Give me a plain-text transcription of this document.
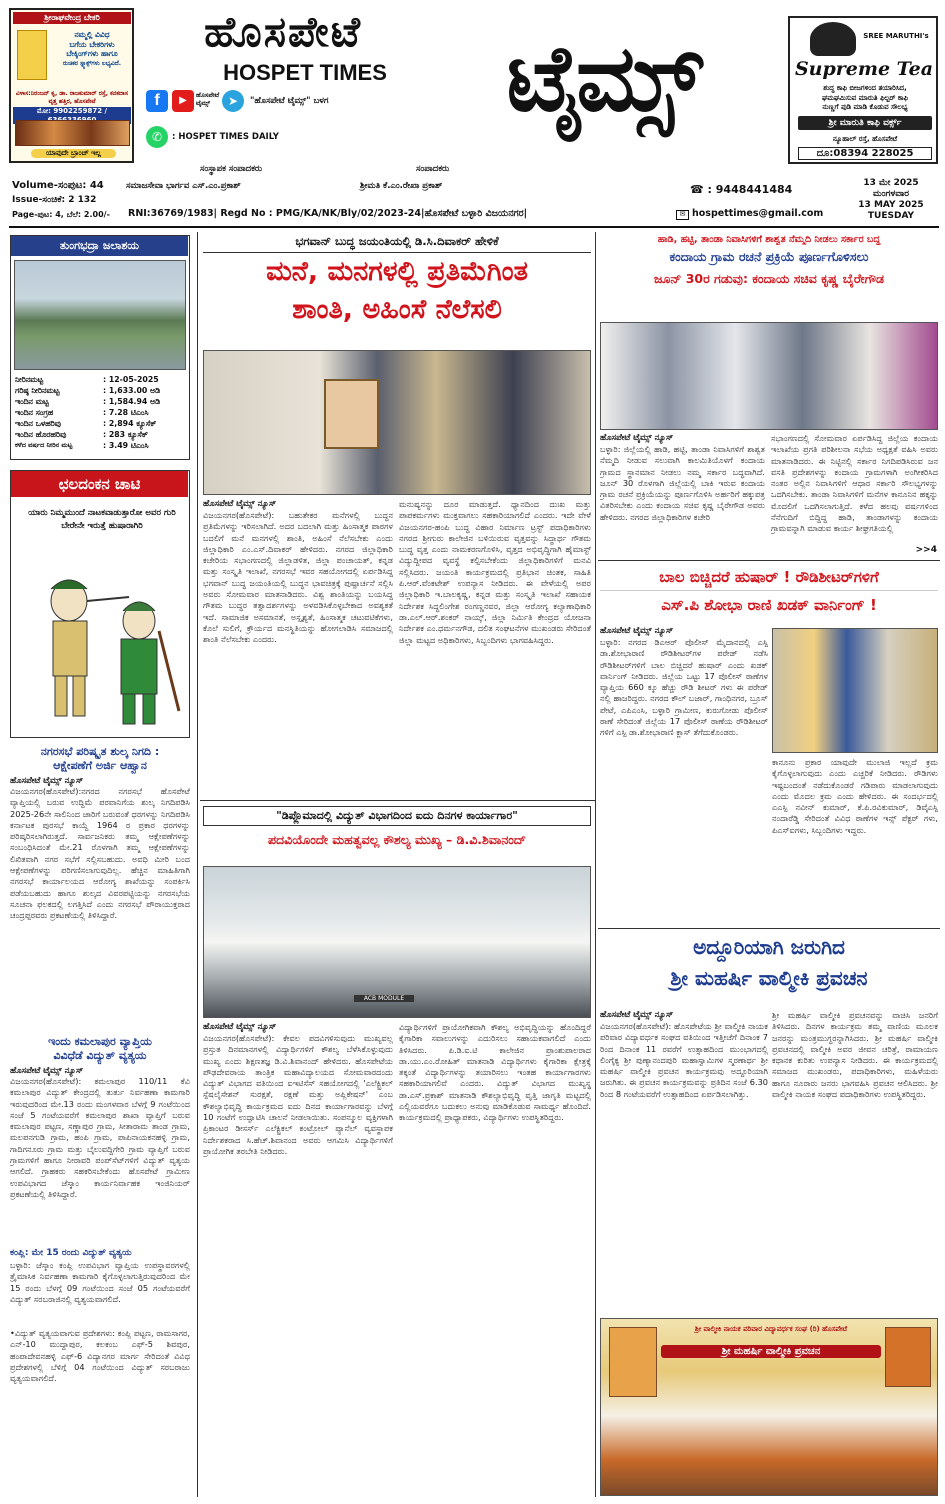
ಶ್ರೀರಾಘವೇಂದ್ರ ಬೇಕರಿ
ನಮ್ಮಲ್ಲಿ ವಿವಿಧ
ಬಗೆಯ ಬೇಕರಿಗಳು
ಬೇಕ್ಕಿಂಗ್‌ಗಳು ಹಾಗೂ
ರುಚಿಕರ ಸ್ನ್ಯಾಕ್ಸ್‌ಗಳು ಲಭ್ಯವಿದೆ.
ವಿಳಾಸ:ನಿರಂಜನ್ ಕೃ, ಡಾ. ರಾಜಕುಮಾರ್ ರಸ್ತೆ, ಕನಕದಾಸ ವೃತ್ತ ಹತ್ತಿರ, ಹೊಸಪೇಟೆ
ಮೋ: 9902259872 /
ಯಾವುದೇ ಬ್ರಾಂಚ್ ಇಲ್ಲ
ಹೊಸಪೇಟೆ
HOSPET TIMES	ಟೈಮ್ಸ್
f	▶	ಹೊಸಪೇಟೆ ಟೈಮ್ಸ್	➤	"ಹೊಸಪೇಟೆ ಟೈಮ್ಸ್" ಬಳಗ
✆	: HOSPET TIMES DAILY
SREE MARUTHI's
Supreme Tea
ಶುದ್ಧ ಕಾಫಿ ಬೀಜಗಳಿಂದ ತಯಾರಿಸಿದ,
ಘಮಘಮಿಸುವ ಮಾರುತಿ ಫಿಲ್ಟರ್ ಕಾಫಿ
ನುಣ್ಣಗೆ ಪುಡಿ ಮಾಡಿ ಕೊಡುವ ಸೌಲಭ್ಯ
ಶ್ರೀ ಮಾರುತಿ ಕಾಫಿ ವರ್ಕ್ಸ್
ನ್ಯೂಹಾಲ್ ರಸ್ತೆ, ಹೊಸಪೇಟೆ
ದೂ:08394 228025
ಸಂಸ್ಥಾಪಕ ಸಂಪಾದಕರು	ಸಂಪಾದಕರು
Volume-ಸಂಪುಟ: 44	ಸಮಾಜಸೇವಾ ಭಾರ್ಗವ ಎಸ್.ಎಂ.ಪ್ರಕಾಶ್	ಶ್ರೀಮತಿ ಕೆ.ಎಂ.ರೇಖಾ ಪ್ರಕಾಶ್	☎ : 9448441484
Issue-ಸಂಚಿಕೆ: 2 132
Page-ಪುಟ: 4, ಬೆಲೆ: 2.00/-	RNI:36769/1983| Regd No : PMG/KA/NK/Bly/02/2023-24|ಹೊಸಪೇಟೆ ಬಳ್ಳಾರಿ ವಿಜಯನಗರ|	✉ hospettimes@gmail.com
13 ಮೇ 2025
ಮಂಗಳವಾರ
13 MAY 2025
TUESDAY
ತುಂಗಭದ್ರಾ ಜಲಾಶಯ
ನೀರಿನಮಟ್ಟ	: 12-05-2025
ಗರಿಷ್ಠ ನೀರಿನಮಟ್ಟ	: 1,633.00 ಅಡಿ
ಇಂದಿನ ಮಟ್ಟ	: 1,584.94 ಅಡಿ
ಇಂದಿನ ಸಂಗ್ರಹ	: 7.28 ಟಿಎಂಸಿ
ಇಂದಿನ ಒಳಹರಿವು	: 2,894 ಕ್ಯೂಸೆಕ್
ಇಂದಿನ ಹೊರಹರಿವು	: 283 ಕ್ಯೂಸೆಕ್
ಕಳೆದ ವರ್ಷದ ನೀರಿನ ಮಟ್ಟ	: 3.49 ಟಿಎಂಸಿ
ಛಲದಂಕನ ಚಾಟಿ
ಯಾರು ನಿಮ್ಮಮುಂದೆ ನಾಟಕವಾಡುತ್ತಾರೋ ಅವರ ಗುರಿ ಬೇರೇನೇ ಇರುತ್ತೆ ಹುಷಾರಾಗಿರಿ
ನಗರಸಭೆ ಪರಿಷ್ಕೃತ ಶುಲ್ಕ ನಿಗದಿ :
ಆಕ್ಷೇಪಣೆಗೆ ಅರ್ಜಿ ಆಹ್ವಾನ
ಹೊಸಪೇಟೆ ಟೈಮ್ಸ್ ನ್ಯೂಸ್
ವಿಜಯನಗರ(ಹೊಸಪೇಟೆ):ನಗರದ ನಗರಸಭೆ ಹೊಸಪೇಟೆ ವ್ಯಾಪ್ತಿಯಲ್ಲಿ ಬರುವ ಉದ್ದಿಮೆ ಪರವಾನಿಗೆಯ ಶುಲ್ಕ ನಿಗದಿಪಡಿಸಿ 2025-26ನೇ ಸಾಲಿನಿಂದ ಜಾರಿಗೆ ಬರುವಂತೆ ಧರಗಳನ್ನು ನಿಗದಿಪಡಿಸಿ ಕರ್ನಾಟಕ ಪುರಸಭೆ ಕಾಯ್ದೆ 1964 ರ ಪ್ರಕಾರ ಧರಗಳನ್ನು ಪರಿಷ್ಕರಿಸಲಾಗಿರುತ್ತದೆ. ಸಾರ್ವಜನಿಕರು ತಮ್ಮ ಆಕ್ಷೇಪಣೆಗಳನ್ನು ಸಂಬಂಧಿಸಿದಂತೆ ಮೇ.21 ರೊಳಗಾಗಿ ತಮ್ಮ ಆಕ್ಷೇಪಣೆಗಳನ್ನು ಲಿಖಿತವಾಗಿ ನಗರ ಸಭೆಗೆ ಸಲ್ಲಿಸಬಹುದು. ಅವಧಿ ಮೀರಿ ಬಂದ ಆಕ್ಷೇಪಣೆಗಳನ್ನು ಪರಿಗಣಿಸಲಾಗುವುದಿಲ್ಲ. ಹೆಚ್ಚಿನ ಮಾಹಿತಿಗಾಗಿ ನಗರಸಭೆ ಕಾರ್ಯಾಲಯದ ಆರೋಗ್ಯ ಶಾಖೆಯನ್ನು ಸಂಪರ್ಕಿಸಿ ಪಡೆಯಬಹುದು ಹಾಗೂ ಶುಲ್ಕದ ವಿವರಪಟ್ಟಿಯನ್ನು ನಗರಸಭೆಯ ಸೂಚನಾ ಫಲಕದಲ್ಲಿ ಲಗತ್ತಿಸಿದೆ ಎಂದು ನಗರಸಭೆ ಪೌರಾಯುಕ್ತರಾದ ಚಂದ್ರಪ್ಪರವರು ಪ್ರಕಟಣೆಯಲ್ಲಿ ತಿಳಿಸಿದ್ದಾರೆ.
ಇಂದು ಕಮಲಾಪುರ ವ್ಯಾಪ್ತಿಯ
ವಿವಿಧೆಡೆ ವಿದ್ಯುತ್ ವ್ಯತ್ಯಯ
ಹೊಸಪೇಟೆ ಟೈಮ್ಸ್ ನ್ಯೂಸ್
ವಿಜಯನಗರ(ಹೊಸಪೇಟೆ): ಕಮಲಾಪುರ 110/11 ಕೆವಿ ಕಮಲಾಪುರ ವಿದ್ಯುತ್ ಕೇಂದ್ರದಲ್ಲಿ ತುರ್ತು ನಿರ್ವಹಣಾ ಕಾಮಗಾರಿ ಇರುವುದರಿಂದ ಮೇ.13 ರಂದು ಮಂಗಳವಾರ ಬೆಳಗ್ಗೆ 9 ಗಂಟೆಯಿಂದ ಸಂಜೆ 5 ಗಂಟೆಯವರೆಗೆ ಕಮಲಾಪುರ ಶಾಖಾ ವ್ಯಾಪ್ತಿಗೆ ಬರುವ ಕಮಲಾಪುರ ಪಟ್ಟಣ, ಸಣ್ಣಾಪುರ ಗ್ರಾಮ, ಸೀತಾರಾಮ ತಾಂಡ ಗ್ರಾಮ, ಮಲಪನಗುಡಿ ಗ್ರಾಮ, ಹಂಪಿ ಗ್ರಾಮ, ಪಾಪಿನಾಯಕನಹಳ್ಳಿ ಗ್ರಾಮ, ಗಾದಿಗನೂರು ಗ್ರಾಮ ಮತ್ತು ಬೈಲುವದ್ದಿಗೇರಿ ಗ್ರಾಮ ವ್ಯಾಪ್ತಿಗೆ ಬರುವ ಗ್ರಾಮಗಳಿಗೆ ಹಾಗೂ ನೀರಾವರಿ ಪಂಪ್‌ಸೆಟ್‌ಗಳಿಗೆ ವಿದ್ಯುತ್ ವ್ಯತ್ಯಯ ಆಗಲಿದೆ. ಗ್ರಾಹಕರು ಸಹಕರಿಸಬೇಕೆಂದು ಹೊಸಪೇಟೆ ಗ್ರಾಮೀಣ ಉಪವಿಭಾಗದ ಜೆಸ್ಕಾಂ ಕಾರ್ಯನಿರ್ವಾಹಕ ಇಂಜಿನಿಯರ್ ಪ್ರಕಟಣೆಯಲ್ಲಿ ತಿಳಿಸಿದ್ದಾರೆ.
ಕಂಪ್ಲಿ: ಮೇ 15 ರಂದು ವಿದ್ಯುತ್ ವ್ಯತ್ಯಯ
ಬಳ್ಳಾರಿ: ಜೆಸ್ಕಾಂ ಕಂಪ್ಲಿ ಉಪವಿಭಾಗ ವ್ಯಾಪ್ತಿಯ ಉಪಸ್ಥಾವರಗಳಲ್ಲಿ ತ್ರೈಮಾಸಿಕ ನಿರ್ವಹಣಾ ಕಾಮಗಾರಿ ಕೈಗೊಳ್ಳಲಾಗುತ್ತಿರುವುದರಿಂದ ಮೇ 15 ರಂದು ಬೆಳಗ್ಗೆ 09 ಗಂಟೆಯಿಂದ ಸಂಜೆ 05 ಗಂಟೆಯವರೆಗೆ ವಿದ್ಯುತ್ ಸರಬರಾಜಿನಲ್ಲಿ ವ್ಯತ್ಯಯವಾಗಲಿದೆ.
•ವಿದ್ಯುತ್ ವ್ಯತ್ಯಯವಾಗುವ ಪ್ರದೇಶಗಳು: ಕಂಪ್ಲಿ ಪಟ್ಟಣ, ರಾಮಸಾಗರ, ಎನ್-10 ಮುದ್ದಾಪುರ, ಕಲಕಂಬ ಎಫ್-5 ಶಿವಪುರ, ಹಂಪಾದೇವನಹಳ್ಳಿ ಎಫ್-6 ವಿದ್ಯಾನಗರ ಮಾರ್ಗ ಸೇರಿದಂತೆ ವಿವಿಧ ಪ್ರದೇಶಗಳಲ್ಲಿ ಬೆಳಿಗ್ಗೆ 04 ಗಂಟೆಯಿಂದ ವಿದ್ಯುತ್ ಸರಬರಾಜು ವ್ಯತ್ಯಯವಾಗಲಿದೆ.
ಭಗವಾನ್ ಬುದ್ಧ ಜಯಂತಿಯಲ್ಲಿ ಡಿ.ಸಿ.ದಿವಾಕರ್ ಹೇಳಿಕೆ
ಮನೆ, ಮನಗಳಲ್ಲಿ ಪ್ರತಿಮೆಗಿಂತ
ಶಾಂತಿ, ಅಹಿಂಸೆ ನೆಲೆಸಲಿ
ಹೊಸಪೇಟೆ ಟೈಮ್ಸ್ ನ್ಯೂಸ್
ವಿಜಯನಗರ(ಹೊಸಪೇಟೆ): ಬಹುತೇಕರ ಮನೆಗಳಲ್ಲಿ ಬುದ್ಧನ ಪ್ರತಿಮೆಗಳನ್ನು ಇರಿಸಲಾಗಿದೆ. ಅದರ ಬದಲಾಗಿ ಮತ್ತು ಹಿಂಸಾತ್ಮಕ ಪಾಠಗಳ ಬದಲಿಗೆ ಮನೆ ಮನಗಳಲ್ಲಿ ಶಾಂತಿ, ಅಹಿಂಸೆ ನೆಲೆಸಬೇಕು ಎಂದು ಜಿಲ್ಲಾಧಿಕಾರಿ ಎಂ.ಎಸ್.ದಿವಾಕರ್ ಹೇಳಿದರು. ನಗರದ ಜಿಲ್ಲಾಧಿಕಾರಿ ಕಚೇರಿಯ ಸಭಾಂಗಣದಲ್ಲಿ ಜಿಲ್ಲಾಡಳಿತ, ಜಿಲ್ಲಾ ಪಂಚಾಯತ್, ಕನ್ನಡ ಮತ್ತು ಸಂಸ್ಕೃತಿ ಇಲಾಖೆ, ನಗರಸಭೆ ಇವರ ಸಹಯೋಗದಲ್ಲಿ ಏರ್ಪಡಿಸಿದ್ದ ಭಗವಾನ್ ಬುದ್ಧ ಜಯಂತಿಯಲ್ಲಿ ಬುದ್ಧನ ಭಾವಚಿತ್ರಕ್ಕೆ ಪುಷ್ಪಾರ್ಚನೆ ಸಲ್ಲಿಸಿ ಅವರು ಸೋಮವಾರ ಮಾತನಾಡಿದರು. ವಿಶ್ವ ಶಾಂತಿಯನ್ನು ಬಯಸಿದ್ದ ಗೌತಮ ಬುದ್ಧರ ತತ್ವಾದರ್ಶಗಳನ್ನು ಅಳವಡಿಸಿಕೊಳ್ಳಬೇಕಾದ ಅವಶ್ಯಕತೆ ಇದೆ. ಸಾಮಾಜಿಕ ಅಸಮಾನತೆ, ಅಸ್ಪೃಶ್ಯತೆ, ಹಿಂಸಾತ್ಮಕ ಚಟುವಟಿಕೆಗಳು, ಕೊಲೆ ಸುಲಿಗೆ, ಕ್ರೌರ್ಯದ ಮನಸ್ಥಿತಿಯನ್ನು ಹೋಗಲಾಡಿಸಿ ಸಮಾಜದಲ್ಲಿ ಶಾಂತಿ ನೆಲೆಸಬೇಕು ಎಂದರು.
ಮನುಷ್ಯನನ್ನು ದೂರ ಮಾಡುತ್ತದೆ. ಧ್ಯಾನದಿಂದ ದುಃಖ ಮತ್ತು ಪಾಪಕರ್ಮಗಳು ಮುಕ್ತವಾಗಲು ಸಹಕಾರಿಯಾಗಲಿದೆ ಎಂದರು. ಇದೇ ವೇಳೆ ವಿಜಯನಗರ-ಹಂಪಿ ಬುದ್ಧ ವಿಹಾರ ನಿರ್ಮಾಣ ಟ್ರಸ್ಟ್ ಪದಾಧಿಕಾರಿಗಳು ನಗರದ ಶ್ರೀಗುರು ಕಾಲೇಜಿನ ಬಳಿಯಿರುವ ವೃತ್ತವನ್ನು ಸಿದ್ಧಾರ್ಥ ಗೌತಮ ಬುದ್ಧ ವೃತ್ತ ಎಂದು ನಾಮಕರಣಗೊಳಿಸಿ, ವೃತ್ತದ ಅಭಿವೃದ್ಧಿಗಾಗಿ ಹೈಮಾಸ್ಟ್ ವಿದ್ಯುದ್ದೀಪದ ವ್ಯವಸ್ಥೆ ಕಲ್ಪಿಸಬೇಕೆಂದು ಜಿಲ್ಲಾಧಿಕಾರಿಗಳಿಗೆ ಮನವಿ ಸಲ್ಲಿಸಿದರು. ಜಯಂತಿ ಕಾರ್ಯಕ್ರಮದಲ್ಲಿ ಪ್ರತಿಭಾನ ಚಿಂತಕ, ಸಾಹಿತಿ ಪಿ.ಆರ್.ವೆಂಕಟೇಶ್ ಉಪನ್ಯಾಸ ನೀಡಿದರು. ಈ ವೇಳೆಯಲ್ಲಿ ಅಪರ ಜಿಲ್ಲಾಧಿಕಾರಿ ಇ.ಬಾಲಕೃಷ್ಣ, ಕನ್ನಡ ಮತ್ತು ಸಂಸ್ಕೃತಿ ಇಲಾಖೆ ಸಹಾಯಕ ನಿರ್ದೇಶಕ ಸಿದ್ಧಲಿಂಗೇಶ ರಂಗಣ್ಣನವರ, ಜಿಲ್ಲಾ ಆರೋಗ್ಯ ಕಲ್ಯಾಣಾಧಿಕಾರಿ ಡಾ.ಎಲ್.ಆರ್.ಶಂಕರ್ ನಾಯ್ಕ್, ಜಿಲ್ಲಾ ನಿರ್ಮಿತಿ ಕೇಂದ್ರದ ಯೋಜನಾ ನಿರ್ದೇಶಕ ಎಂ.ಧರ್ಮನಗೌಡ, ದಲಿತ ಸಂಘಟನೆಗಳ ಮುಖಂಡರು ಸೇರಿದಂತೆ ಜಿಲ್ಲಾ ಮಟ್ಟದ ಅಧಿಕಾರಿಗಳು, ಸಿಬ್ಬಂದಿಗಳು ಭಾಗವಹಿಸಿದ್ದರು.
"ಡಿಪ್ಲೊಮಾದಲ್ಲಿ ವಿದ್ಯುತ್ ವಿಭಾಗದಿಂದ ಐದು ದಿನಗಳ ಕಾರ್ಯಾಗಾರ"
ಪದವಿಯೊಂದೇ ಮಹತ್ವವಲ್ಲ ಕೌಶಲ್ಯ ಮುಖ್ಯ – ಡಿ.ವಿ.ಶಿವಾನಂದ್
ACB MODULE
ಹೊಸಪೇಟೆ ಟೈಮ್ಸ್ ನ್ಯೂಸ್
ವಿಜಯನಗರ(ಹೊಸಪೇಟೆ): ಕೇವಲ ಪದವಿಗಳಿಸುವುದು ಮುಖ್ಯವಲ್ಲ ಪ್ರಸ್ತುತ ದಿನಮಾನಗಳಲ್ಲಿ ವಿದ್ಯಾರ್ಥಿಗಳಿಗೆ ಕೌಶಲ್ಯ ಬೆಳೆಸಿಕೊಳ್ಳುವುದು ಮುಖ್ಯ ಎಂದು ಶಿಕ್ಷಣತಜ್ಞ ಡಿ.ವಿ.ಶಿವಾನಂದ್ ಹೇಳಿದರು. ಹೊಸಪೇಟೆಯ ಪೌಢದೇವರಾಯ ತಾಂತ್ರಿಕ ಮಹಾವಿದ್ಯಾಲಯದ ಸೋಮವಾರದಂದು ವಿದ್ಯುತ್ ವಿಭಾಗದ ವತಿಯಿಂದ ಐಇಟಿಸೆಸ್‌ ಸಹಯೋಗದಲ್ಲಿ 'ಎಲೆಕ್ಟ್ರಿಕಲ್ ಸ್ಪೆಷಲೈಸೇಶನ್ ಸುರಕ್ಷತೆ, ರಕ್ಷಣೆ ಮತ್ತು ಅಪ್ಲಿಕೇಷನ್' ಎಂಬ ಕೌಶಲ್ಯಾಭಿವೃದ್ಧಿ ಕಾರ್ಯಕ್ರಮದ ಐದು ದಿನದ ಕಾರ್ಯಾಗಾರವನ್ನು ಬೆಳಗ್ಗೆ 10 ಗಂಟೆಗೆ ಉದ್ಘಾಟಿಸಿ ಚಾಲನೆ ನೀಡಲಾಯಿತು. ಸಂಪನ್ಮೂಲ ವ್ಯಕ್ತಿಗಳಾಗಿ ಪ್ರಿಕಾಂಟರ ಡೀಸರ್ಸ್ ಎಲೆಕ್ಟ್ರಿಕಲ್ ಕಂಟ್ರೋಲ್ ಪ್ಯಾನೆಲ್ ವ್ಯವಸ್ಥಾಪಕ ನಿರ್ದೇಶಕರಾದ ಸಿ.ಹೆಚ್.ಶಿವಾನಂದ ಅವರು ಆಗಮಿಸಿ ವಿದ್ಯಾರ್ಥಿಗಳಿಗೆ ಪ್ರಾಯೋಗಿಕ ತರಬೇತಿ ನೀಡಿದರು.
ವಿದ್ಯಾರ್ಥಿಗಳಿಗೆ ಪ್ರಾಯೋಗಿಕವಾಗಿ ಕೌಶಲ್ಯ ಅಭಿವೃದ್ಧಿಯನ್ನು ಹೊಂದಿದ್ದರೆ ಕೈಗಾರಿಕಾ ಸವಾಲುಗಳನ್ನು ಎದುರಿಸಲು ಸಹಾಯಕವಾಗಲಿದೆ ಎಂದು ತಿಳಿಸಿದರು. ಪಿ.ಡಿ.ಐ.ಟಿ ಕಾಲೇಜಿನ ಪ್ರಾಂಶುಪಾಲರಾದ ಡಾ.ಯು.ಎಂ.ರೋಹಿತ್ ಮಾತನಾಡಿ ವಿದ್ಯಾರ್ಥಿಗಳು ಕೈಗಾರಿಕಾ ಕ್ಷೇತ್ರಕ್ಕೆ ತಕ್ಕಂತೆ ವಿದ್ಯಾರ್ಥಿಗಳನ್ನು ತಯಾರಿಸಲು ಇಂತಹ ಕಾರ್ಯಾಗಾರಗಳು ಸಹಕಾರಿಯಾಗಲಿವೆ ಎಂದರು. ವಿದ್ಯುತ್ ವಿಭಾಗದ ಮುಖ್ಯಸ್ಥ ಡಾ.ಎಸ್.ಪ್ರಕಾಶ್ ಮಾತನಾಡಿ ಕೌಶಲ್ಯಾಭಿವೃದ್ಧಿ ವೃತ್ತಿ ಜಾಗೃತಿ ಮಟ್ಟದಲ್ಲಿ ಎಲ್ಲಿಯವರೆಗೂ ಬದುಕಲು ಅನುವು ಮಾಡಿಕೊಡುವ ಸಾಮರ್ಥ್ಯ ಹೊಂದಿದೆ. ಕಾರ್ಯಕ್ರಮದಲ್ಲಿ ಪ್ರಾಧ್ಯಾಪಕರು, ವಿದ್ಯಾರ್ಥಿಗಳು ಉಪಸ್ಥಿತರಿದ್ದರು.
ಹಾಡಿ, ಹಟ್ಟಿ, ತಾಂಡಾ ನಿವಾಸಿಗಳಿಗೆ ಶಾಶ್ವತ ನೆಮ್ಮದಿ ನೀಡಲು ಸರ್ಕಾರ ಬದ್ಧ
ಕಂದಾಯ ಗ್ರಾಮ ರಚನೆ ಪ್ರಕ್ರಿಯೆ ಪೂರ್ಣಗೊಳಿಸಲು
ಜೂನ್ 30ರ ಗಡುವು: ಕಂದಾಯ ಸಚಿವ ಕೃಷ್ಣ ಬೈರೇಗೌಡ
ಹೊಸಪೇಟೆ ಟೈಮ್ಸ್ ನ್ಯೂಸ್
ಬಳ್ಳಾರಿ: ಜಿಲ್ಲೆಯಲ್ಲಿ ಹಾಡಿ, ಹಟ್ಟಿ, ತಾಂಡಾ ನಿವಾಸಿಗಳಿಗೆ ಶಾಶ್ವತ ನೆಮ್ಮದಿ ನೀಡುವ ಸಲುವಾಗಿ ಕಾಲಮಿತಿಯೊಳಗೆ ಕಂದಾಯ ಗ್ರಾಮದ ಸ್ಥಾನಮಾನ ನೀಡಲು ನಮ್ಮ ಸರ್ಕಾರ ಬದ್ಧವಾಗಿದೆ. ಜೂನ್ 30 ರೊಳಗಾಗಿ ಜಿಲ್ಲೆಯಲ್ಲಿ ಬಾಕಿ ಇರುವ ಕಂದಾಯ ಗ್ರಾಮ ರಚನೆ ಪ್ರಕ್ರಿಯೆಯನ್ನು ಪೂರ್ಣಗೊಳಿಸಿ ಅರ್ಹರಿಗೆ ಹಕ್ಕುಪತ್ರ ವಿತರಿಸಬೇಕು ಎಂದು ಕಂದಾಯ ಸಚಿವ ಕೃಷ್ಣ ಬೈರೇಗೌಡ ಅವರು ಹೇಳಿದರು. ನಗರದ ಜಿಲ್ಲಾಧಿಕಾರಿಗಳ ಕಚೇರಿ
ಸಭಾಂಗಣದಲ್ಲಿ ಸೋಮವಾರ ಏರ್ಪಡಿಸಿದ್ದ ಜಿಲ್ಲೆಯ ಕಂದಾಯ ಇಲಾಖೆಯ ಪ್ರಗತಿ ಪರಿಶೀಲನಾ ಸಭೆಯ ಅಧ್ಯಕ್ಷತೆ ವಹಿಸಿ ಅವರು ಮಾತನಾಡಿದರು. ಈ ನಿಟ್ಟಿನಲ್ಲಿ ಸರ್ಕಾರ ನಿಗದಿಪಡಿಸಿರುವ ಜನ ವಸತಿ ಪ್ರದೇಶಗಳನ್ನು ಕಂದಾಯ ಗ್ರಾಮಗಳಾಗಿ ಅಂಗೀಕರಿಸಿದ ನಂತರ ಅಲ್ಲಿನ ನಿವಾಸಿಗಳಿಗೆ ಆಧಾರ ಸರ್ಕಾರಿ ಸೌಲಭ್ಯಗಳನ್ನು ಒದಗಿಸಬೇಕು. ತಾಂಡಾ ನಿವಾಸಿಗಳಿಗೆ ಮನೆಗಳ ಕಾನೂನಿನ ಹಕ್ಕನ್ನು ಮೊದಲಿಗೆ ಒದಗಿಸಲಾಗುತ್ತಿದೆ. ಕಳೆದ ಹಲವು ವರ್ಷಗಳಿಂದ ನೆನೆಗುದಿಗೆ ಬಿದ್ದಿದ್ದ ಹಾಡಿ, ತಾಂಡಾಗಳನ್ನು ಕಂದಾಯ ಗ್ರಾಮವನ್ನಾಗಿ ಮಾಡುವ ಕಾರ್ಯ ಶೀಘ್ರಗತಿಯಲ್ಲಿ
>>4
ಬಾಲ ಬಿಚ್ಚಿದರೆ ಹುಷಾರ್ ! ರೌಡಿಶೀಟರ್‌ಗಳಿಗೆ
ಎಸ್.ಪಿ ಶೋಭಾ ರಾಣಿ ಖಡಕ್ ವಾರ್ನಿಂಗ್ !
ಹೊಸಪೇಟೆ ಟೈಮ್ಸ್ ನ್ಯೂಸ್
ಬಳ್ಳಾರಿ: ನಗರದ ಡಿಎಆರ್ ಪೊಲೀಸ್ ಮೈದಾನದಲ್ಲಿ ಎಸ್ಪಿ ಡಾ.ಶೋಭಾರಾಣಿ ರೌಡಿಶೀಟರ್‌ಗಳ ಪರೇಡ್ ನಡೆಸಿ ರೌಡಿಶೀಟರ್‌ಗಳಿಗೆ ಬಾಲ ಬಿಚ್ಚಿದರೆ ಹುಷಾರ್ ಎಂದು ಖಡಕ್ ವಾರ್ನಿಂಗ್ ನೀಡಿದರು. ಜಿಲ್ಲೆಯ ಒಟ್ಟು 17 ಪೊಲೀಸ್ ಠಾಣೆಗಳ ವ್ಯಾಪ್ತಿಯ 660 ಕ್ಕೂ ಹೆಚ್ಚು ರೌಡಿ ಶೀಟರ್ ಗಳು ಈ ಪರೇಡ್ ನಲ್ಲಿ ಹಾಜರಿದ್ದರು. ನಗರದ ಕೌಲ್ ಬಜಾರ್, ಗಾಂಧಿನಗರ, ಬ್ರೂಸ್ ಪೇಟೆ, ಎಪಿಎಂಸಿ, ಬಳ್ಳಾರಿ ಗ್ರಾಮೀಣ, ಕುರುಗೋಡು ಪೊಲೀಸ್ ಠಾಣೆ ಸೇರಿದಂತೆ ಜಿಲ್ಲೆಯ 17 ಪೊಲೀಸ್ ಠಾಣೆಯ ರೌಡಿಶೀಟರ್ ಗಳಿಗೆ ಎಸ್ಪಿ ಡಾ.ಶೋಭಾರಾಣಿ ಕ್ಲಾಸ್ ತೆಗೆದುಕೊಂಡರು.
ಕಾನೂನು ಪ್ರಕಾರ ಯಾವುದೇ ಮುಲಾಜಿ ಇಲ್ಲದೆ ಕ್ರಮ ಕೈಗೊಳ್ಳಲಾಗುವುದು ಎಂದು ಎಚ್ಚರಿಕೆ ನೀಡಿದರು. ರೌಡಿಗಳು ಇಷ್ಟಬಂದಂತೆ ನಡೆದುಕೊಂಡರೆ ಗಡಿಪಾರು ಮಾಡಲಾಗುವುದು ಎಂದು ಮೊದಲ ಕ್ರಮ ಎಂದು ಹೇಳಿದರು. ಈ ಸಂದರ್ಭದಲ್ಲಿ ಎಎಸ್ಪಿ ನವೀನ್ ಕುಮಾರ್, ಕೆ.ಪಿ.ರವಿಕುಮಾರ್, ಡಿವೈಎಸ್ಪಿ ನಂದಾರೆಡ್ಡಿ ಸೇರಿದಂತೆ ವಿವಿಧ ಠಾಣೆಗಳ ಇನ್ಸ್ ಪೆಕ್ಟರ್ ಗಳು, ಪಿಎಸ್ಐಗಳು, ಸಿಬ್ಬಂದಿಗಳು ಇದ್ದರು.
ಅದ್ದೂರಿಯಾಗಿ ಜರುಗಿದ
ಶ್ರೀ ಮಹರ್ಷಿ ವಾಲ್ಮೀಕಿ ಪ್ರವಚನ
ಹೊಸಪೇಟೆ ಟೈಮ್ಸ್ ನ್ಯೂಸ್
ವಿಜಯನಗರ(ಹೊಸಪೇಟೆ): ಹೊಸಪೇಟೆಯ ಶ್ರೀ ವಾಲ್ಮೀಕಿ ನಾಯಕ ಪರಿವಾರ ವಿದ್ಯಾವರ್ಧಕ ಸಂಘದ ವತಿಯಿಂದ ಇತ್ತೀಚೆಗೆ ದಿನಾಂಕ 7 ರಿಂದ ದಿನಾಂಕ 11 ರವರೆಗೆ ಉತ್ಸಾಹದಿಂದ ಮುಂಭಾಗದಲ್ಲಿ ಲಿಂಗೈಕ್ಯ ಶ್ರೀ ಪುಣ್ಯಾನಂದಪುರಿ ಮಹಾಸ್ವಾಮಿಗಳ ಸ್ಮರಣಾರ್ಥ ಶ್ರೀ ಮಹರ್ಷಿ ವಾಲ್ಮೀಕಿ ಪ್ರವಚನ ಕಾರ್ಯಕ್ರಮವು ಅದ್ದೂರಿಯಾಗಿ ಜರುಗಿತು. ಈ ಪ್ರವಚನ ಕಾರ್ಯಕ್ರಮವನ್ನು ಪ್ರತಿದಿನ ಸಂಜೆ 6.30 ರಿಂದ 8 ಗಂಟೆಯವರೆಗೆ ಉತ್ಸಾಹದಿಂದ ಏರ್ಪಡಿಸಲಾಗಿತ್ತು.
ಶ್ರೀ ಮಹರ್ಷಿ ವಾಲ್ಮೀಕಿ ಪ್ರವಚನವನ್ನು ವಾಚಿಸಿ ಜನರಿಗೆ ತಿಳಿಸಿದರು. ದಿನಗಳ ಕಾರ್ಯಕ್ರಮ ತಮ್ಮ ವಾಣಿಯ ಮೂಲಕ ಜನರನ್ನು ಮಂತ್ರಮುಗ್ಧರನ್ನಾಗಿಸಿದರು. ಶ್ರೀ ಮಹರ್ಷಿ ವಾಲ್ಮೀಕಿ ಪ್ರವಚನದಲ್ಲಿ ವಾಲ್ಮೀಕಿ ಅವರ ಜೀವನ ಚರಿತ್ರೆ, ರಾಮಾಯಣ ಕಥಾನಕ ಕುರಿತು ಉಪನ್ಯಾಸ ನೀಡಿದರು. ಈ ಕಾರ್ಯಕ್ರಮದಲ್ಲಿ ಸಮಾಜದ ಮುಖಂಡರು, ಪದಾಧಿಕಾರಿಗಳು, ಮಹಿಳೆಯರು ಹಾಗೂ ನೂರಾರು ಜನರು ಭಾಗವಹಿಸಿ ಪ್ರವಚನ ಆಲಿಸಿದರು. ಶ್ರೀ ವಾಲ್ಮೀಕಿ ನಾಯಕ ಸಂಘದ ಪದಾಧಿಕಾರಿಗಳು ಉಪಸ್ಥಿತರಿದ್ದರು.
ಶ್ರೀ ವಾಲ್ಮೀಕಿ ನಾಯಕ ಪರಿವಾರ ವಿದ್ಯಾವರ್ಧಕ ಸಂಘ (ರಿ) ಹೊಸಪೇಟೆ
ಶ್ರೀ ಮಹರ್ಷಿ ವಾಲ್ಮೀಕಿ ಪ್ರವಚನ
